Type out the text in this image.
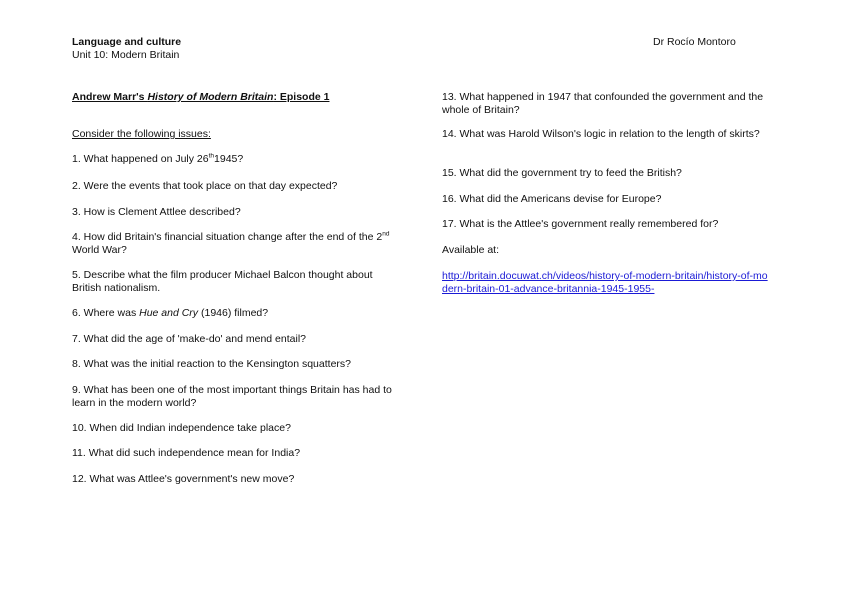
Language and culture
Unit 10: Modern Britain
Dr Rocío Montoro

Andrew Marr's History of Modern Britain: Episode 1

Consider the following issues:

1. What happened on July 26th1945?

2. Were the events that took place on that day expected?

3. How is Clement Attlee described?

4. How did Britain's financial situation change after the end of the 2nd World War?

5. Describe what the film producer Michael Balcon thought about British nationalism.

6. Where was Hue and Cry (1946) filmed?

7. What did the age of 'make-do' and mend entail?

8. What was the initial reaction to the Kensington squatters?

9. What has been one of the most important things Britain has had to learn in the modern world?

10. When did Indian independence take place?

11. What did such independence mean for India?

12. What was Attlee's government's new move?

13. What happened in 1947 that confounded the government and the whole of Britain?

14. What was Harold Wilson's logic in relation to the length of skirts?

15. What did the government try to feed the British?

16. What did the Americans devise for Europe?

17. What is the Attlee's government really remembered for?

Available at:

http://britain.docuwat.ch/videos/history-of-modern-britain/history-of-modern-britain-01-advance-britannia-1945-1955-
